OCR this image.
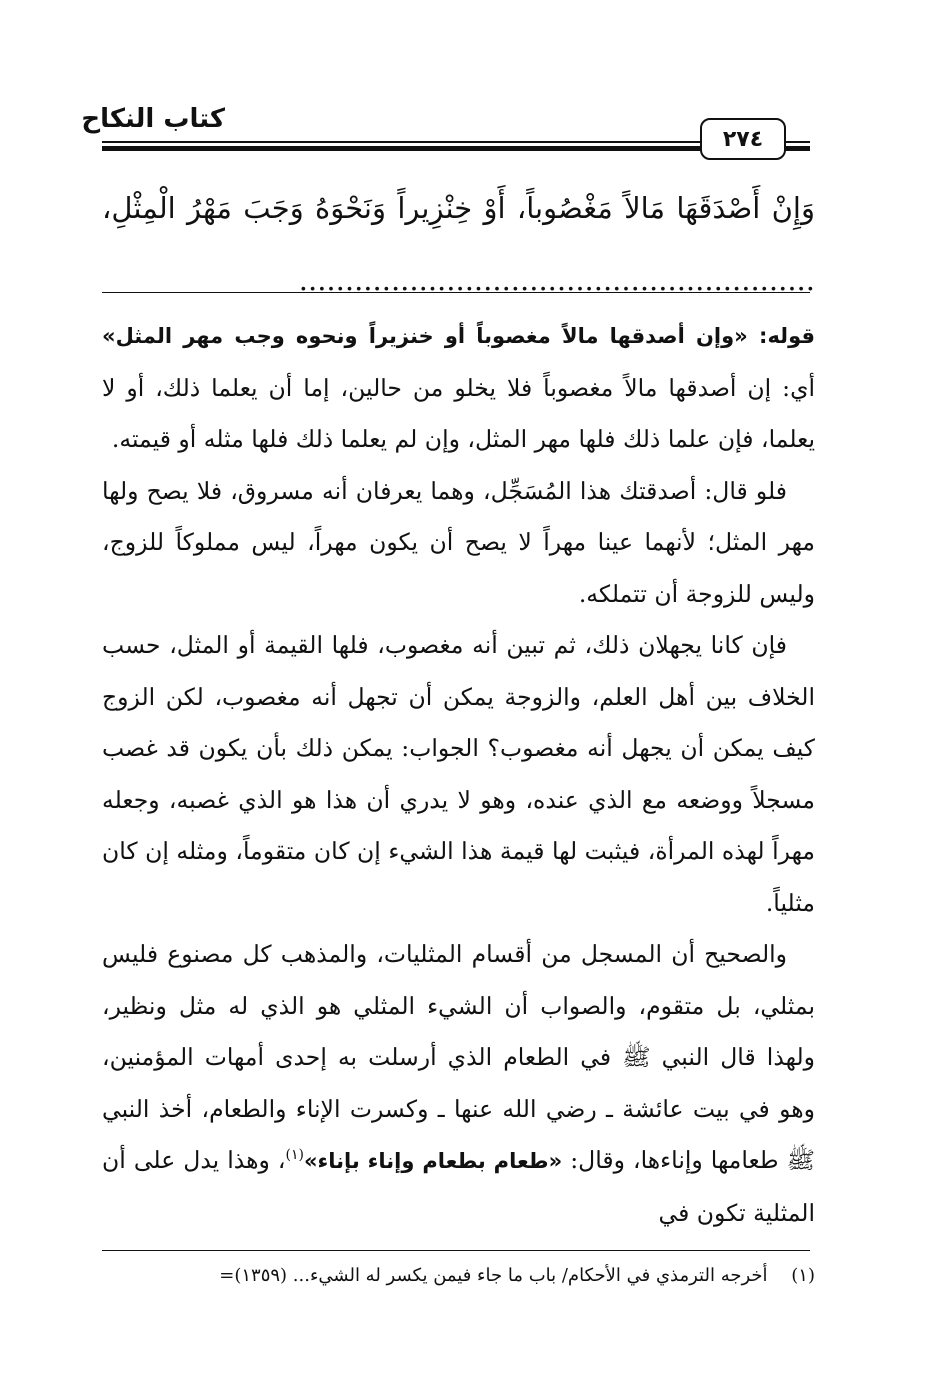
كتاب النكاح
٢٧٤
وَإِنْ أَصْدَقَهَا مَالاً مَغْصُوباً، أَوْ خِنْزِيراً وَنَحْوَهُ وَجَبَ مَهْرُ الْمِثْلِ، ........................................................

قوله: «وإن أصدقها مالاً مغصوباً أو خنزيراً ونحوه وجب مهر المثل» أي: إن أصدقها مالاً مغصوباً فلا يخلو من حالين، إما أن يعلما ذلك، أو لا يعلما، فإن علما ذلك فلها مهر المثل، وإن لم يعلما ذلك فلها مثله أو قيمته.

فلو قال: أصدقتك هذا المُسَجِّل، وهما يعرفان أنه مسروق، فلا يصح ولها مهر المثل؛ لأنهما عينا مهراً لا يصح أن يكون مهراً، ليس مملوكاً للزوج، وليس للزوجة أن تتملكه.

فإن كانا يجهلان ذلك، ثم تبين أنه مغصوب، فلها القيمة أو المثل، حسب الخلاف بين أهل العلم، والزوجة يمكن أن تجهل أنه مغصوب، لكن الزوج كيف يمكن أن يجهل أنه مغصوب؟ الجواب: يمكن ذلك بأن يكون قد غصب مسجلاً ووضعه مع الذي عنده، وهو لا يدري أن هذا هو الذي غصبه، وجعله مهراً لهذه المرأة، فيثبت لها قيمة هذا الشيء إن كان متقوماً، ومثله إن كان مثلياً.

والصحيح أن المسجل من أقسام المثليات، والمذهب كل مصنوع فليس بمثلي، بل متقوم، والصواب أن الشيء المثلي هو الذي له مثل ونظير، ولهذا قال النبي ﷺ في الطعام الذي أرسلت به إحدى أمهات المؤمنين، وهو في بيت عائشة ـ رضي الله عنها ـ وكسرت الإناء والطعام، أخذ النبي ﷺ طعامها وإناءها، وقال: «طعام بطعام وإناء بإناء»$^{(١)}$، وهذا يدل على أن المثلية تكون في

(١) أخرجه الترمذي في الأحكام/ باب ما جاء فيمن يكسر له الشيء... (١٣٥٩)=
